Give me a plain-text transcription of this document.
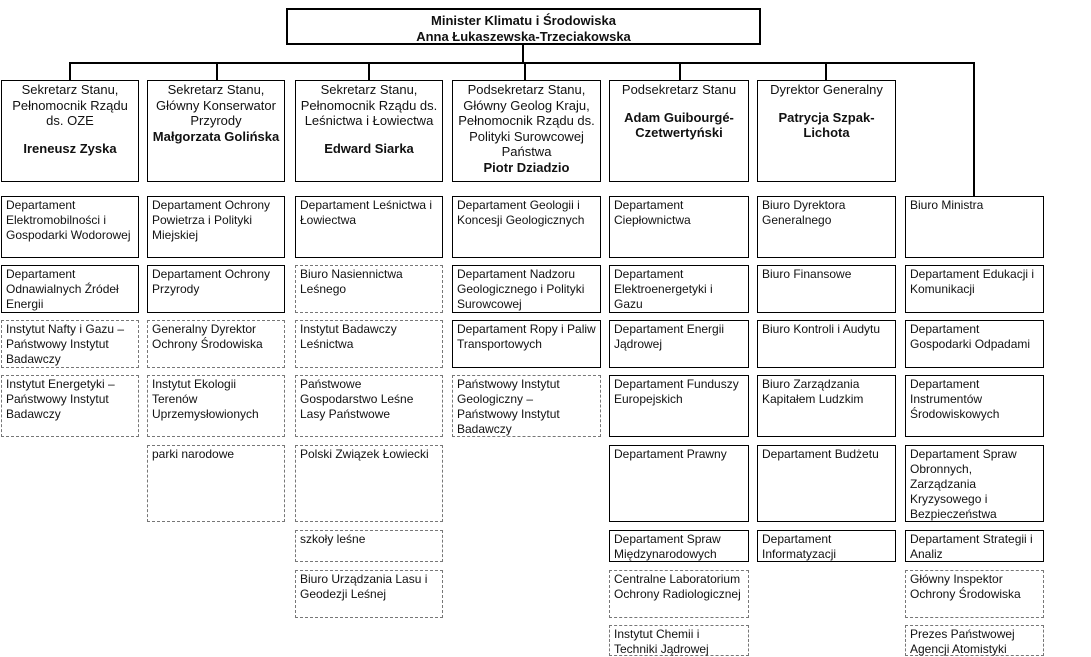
Minister Klimatu i Środowiska
Anna Łukaszewska-Trzeciakowska
Sekretarz Stanu, Pełnomocnik Rządu ds. OZE
Ireneusz Zyska
Sekretarz Stanu, Główny Konserwator Przyrody
Małgorzata Golińska
Sekretarz Stanu, Pełnomocnik Rządu ds. Leśnictwa i Łowiectwa
Edward Siarka
Podsekretarz Stanu, Główny Geolog Kraju, Pełnomocnik Rządu ds. Polityki Surowcowej Państwa
Piotr Dziadzio
Podsekretarz Stanu
Adam Guibourgé-Czetwertyński
Dyrektor Generalny
Patrycja Szpak-Lichota
Departament Elektromobilności i Gospodarki Wodorowej
Departament Odnawialnych Źródeł Energii
Instytut Nafty i Gazu – Państwowy Instytut Badawczy
Instytut Energetyki – Państwowy Instytut Badawczy
Departament Ochrony Powietrza i Polityki Miejskiej
Departament Ochrony Przyrody
Generalny Dyrektor Ochrony Środowiska
Instytut Ekologii Terenów Uprzemysłowionych
parki narodowe
Departament Leśnictwa i Łowiectwa
Biuro Nasiennictwa Leśnego
Instytut Badawczy Leśnictwa
Państwowe Gospodarstwo Leśne Lasy Państwowe
Polski Związek Łowiecki
szkoły leśne
Biuro Urządzania Lasu i Geodezji Leśnej
Departament Geologii i Koncesji Geologicznych
Departament Nadzoru Geologicznego i Polityki Surowcowej
Departament Ropy i Paliw Transportowych
Państwowy Instytut Geologiczny – Państwowy Instytut Badawczy
Departament Ciepłownictwa
Departament Elektroenergetyki i Gazu
Departament Energii Jądrowej
Departament Funduszy Europejskich
Departament Prawny
Departament Spraw Międzynarodowych
Centralne Laboratorium Ochrony Radiologicznej
Instytut Chemii i Techniki Jądrowej
Biuro Dyrektora Generalnego
Biuro Finansowe
Biuro Kontroli i Audytu
Biuro Zarządzania Kapitałem Ludzkim
Departament Budżetu
Departament Informatyzacji
Biuro Ministra
Departament Edukacji i Komunikacji
Departament Gospodarki Odpadami
Departament Instrumentów Środowiskowych
Departament Spraw Obronnych, Zarządzania Kryzysowego i Bezpieczeństwa
Departament Strategii i Analiz
Główny Inspektor Ochrony Środowiska
Prezes Państwowej Agencji Atomistyki
